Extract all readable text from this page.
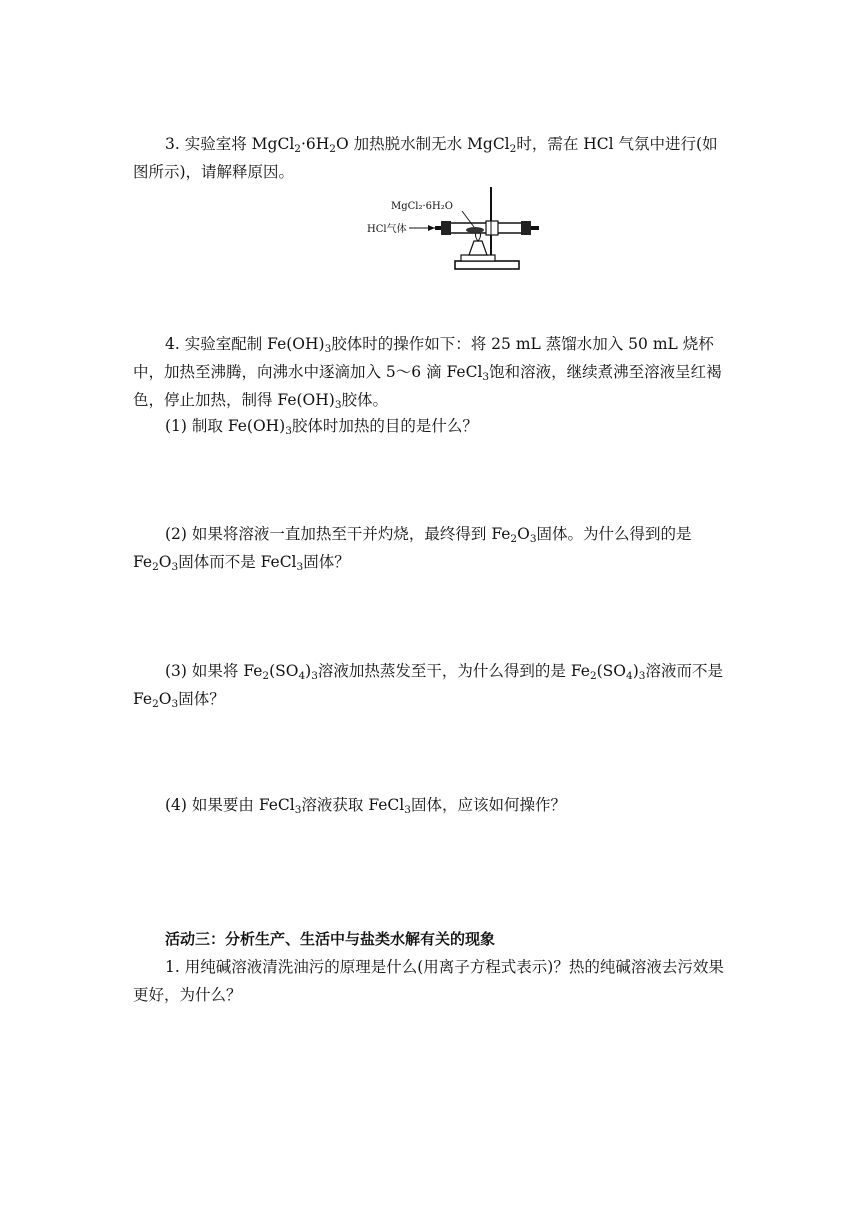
3. 实验室将 $MgCl_2\cdot 6H_2O$ 加热脱水制无水 MgCl$_2$时，需在 HCl 气氛中进行(如图所示)，请解释原因。

MgCl₂·6H₂O
HCl气体

4. 实验室配制 $Fe(OH)_3$胶体时的操作如下：将 25 mL 蒸馏水加入 50 mL 烧杯中，加热至沸腾，向沸水中逐滴加入 5～6 滴 FeCl$_3$饱和溶液，继续煮沸至溶液呈红褐色，停止加热，制得 $Fe(OH)_3$胶体。

(1) 制取 $Fe(OH)_3$胶体时加热的目的是什么？

(2) 如果将溶液一直加热至干并灼烧，最终得到 $Fe_2O_3$固体。为什么得到的是 $Fe_2O_3$固体而不是 FeCl$_3$固体？

(3) 如果将 $Fe_2(SO_4)_3$溶液加热蒸发至干，为什么得到的是 $Fe_2(SO_4)_3$溶液而不是 $Fe_2O_3$固体？

(4) 如果要由 FeCl$_3$溶液获取 FeCl$_3$固体，应该如何操作？

活动三：分析生产、生活中与盐类水解有关的现象

1. 用纯碱溶液清洗油污的原理是什么(用离子方程式表示)？热的纯碱溶液去污效果更好，为什么？
